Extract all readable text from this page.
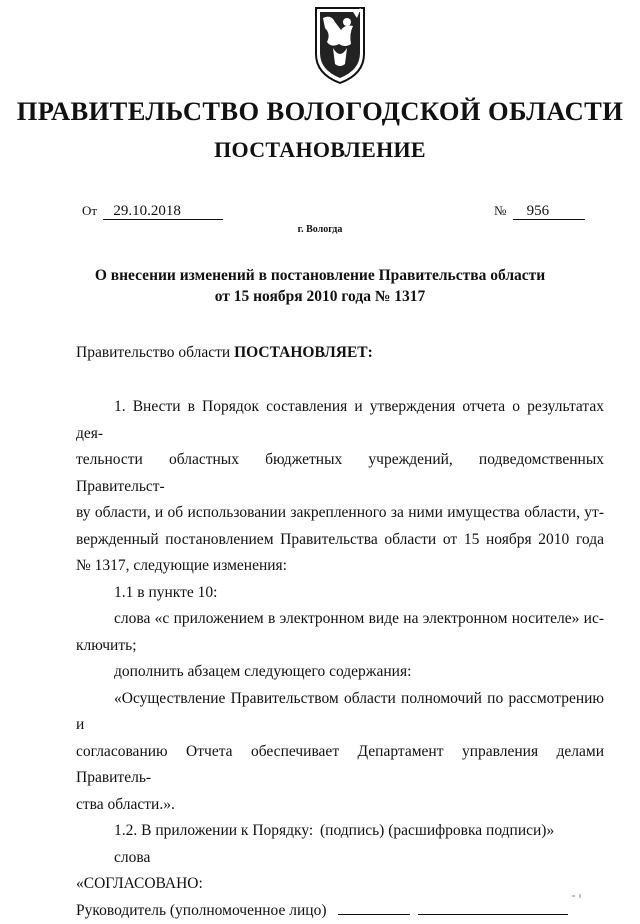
ПРАВИТЕЛЬСТВО ВОЛОГОДСКОЙ ОБЛАСТИ
ПОСТАНОВЛЕНИЕ
От 29.10.2018	№ 956
г. Вологда
О внесении изменений в постановление Правительства области
от 15 ноября 2010 года № 1317
Правительство области ПОСТАНОВЛЯЕТ:
1. Внести в Порядок составления и утверждения отчета о результатах дея-
тельности областных бюджетных учреждений, подведомственных Правительст-
ву области, и об использовании закрепленного за ними имущества области, ут-
вержденный постановлением Правительства области от 15 ноября 2010 года
№ 1317, следующие изменения:
1.1 в пункте 10:
слова «с приложением в электронном виде на электронном носителе» ис-
ключить;
дополнить абзацем следующего содержания:
«Осуществление Правительством области полномочий по рассмотрению и
согласованию Отчета обеспечивает Департамент управления делами Правитель-
ства области.».
1.2. В приложении к Порядку:
слова
«СОГЛАСОВАНО:
Руководитель (уполномоченное лицо)
(подпись) (расшифровка подписи)»
